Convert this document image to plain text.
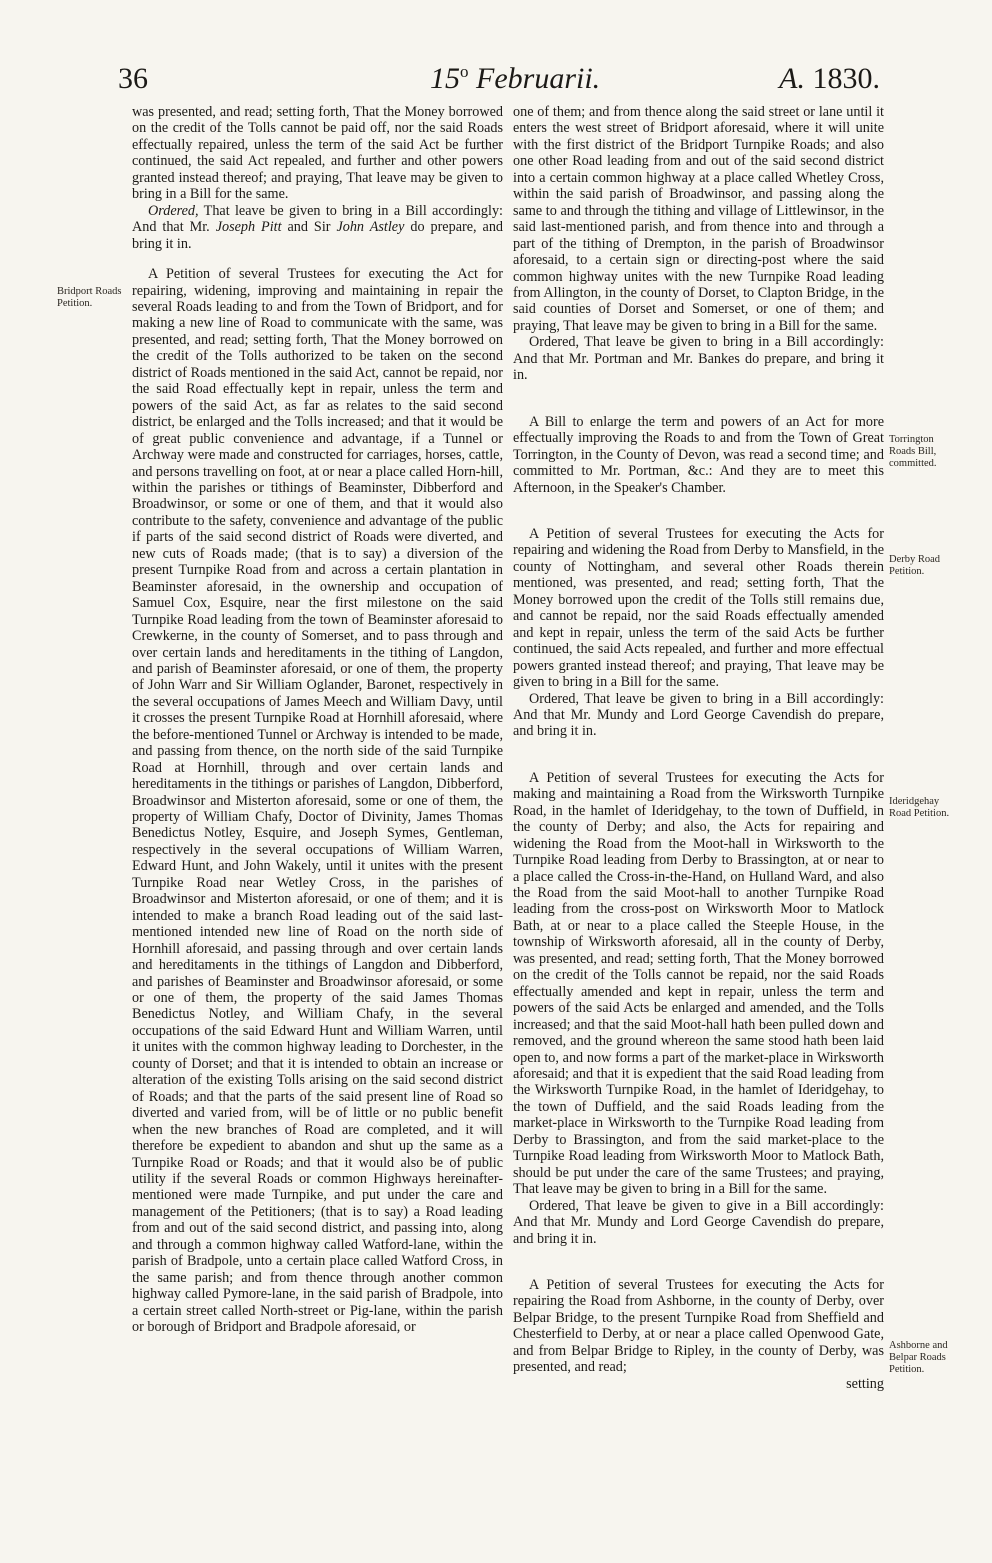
36	15$^o$ Februarii.	A. 1830.
Bridport Roads Petition.
Torrington Roads Bill, committed.
Derby Road Petition.
Ideridgehay Road Petition.
Ashborne and Belpar Roads Petition.

was presented, and read; setting forth, That the Money borrowed on the credit of the Tolls cannot be paid off, nor the said Roads effectually repaired, unless the term of the said Act be further continued, the said Act repealed, and further and other powers granted instead thereof; and praying, That leave may be given to bring in a Bill for the same.

Ordered, That leave be given to bring in a Bill accordingly: And that Mr. Joseph Pitt and Sir John Astley do prepare, and bring it in.

A Petition of several Trustees for executing the Act for repairing, widening, improving and maintaining in repair the several Roads leading to and from the Town of Bridport, and for making a new line of Road to communicate with the same, was presented, and read; setting forth, That the Money borrowed on the credit of the Tolls authorized to be taken on the second district of Roads mentioned in the said Act, cannot be repaid, nor the said Road effectually kept in repair, unless the term and powers of the said Act, as far as relates to the said second district, be enlarged and the Tolls increased; and that it would be of great public convenience and advantage, if a Tunnel or Archway were made and constructed for carriages, horses, cattle, and persons travelling on foot, at or near a place called Horn-hill, within the parishes or tithings of Beaminster, Dibberford and Broadwinsor, or some or one of them, and that it would also contribute to the safety, convenience and advantage of the public if parts of the said second district of Roads were diverted, and new cuts of Roads made; (that is to say) a diversion of the present Turnpike Road from and across a certain plantation in Beaminster aforesaid, in the ownership and occupation of Samuel Cox, Esquire, near the first milestone on the said Turnpike Road leading from the town of Beaminster aforesaid to Crewkerne, in the county of Somerset, and to pass through and over certain lands and hereditaments in the tithing of Langdon, and parish of Beaminster aforesaid, or one of them, the property of John Warr and Sir William Oglander, Baronet, respectively in the several occupations of James Meech and William Davy, until it crosses the present Turnpike Road at Hornhill aforesaid, where the before-mentioned Tunnel or Archway is intended to be made, and passing from thence, on the north side of the said Turnpike Road at Hornhill, through and over certain lands and hereditaments in the tithings or parishes of Langdon, Dibberford, Broadwinsor and Misterton aforesaid, some or one of them, the property of William Chafy, Doctor of Divinity, James Thomas Benedictus Notley, Esquire, and Joseph Symes, Gentleman, respectively in the several occupations of William Warren, Edward Hunt, and John Wakely, until it unites with the present Turnpike Road near Wetley Cross, in the parishes of Broadwinsor and Misterton aforesaid, or one of them; and it is intended to make a branch Road leading out of the said last-mentioned intended new line of Road on the north side of Hornhill aforesaid, and passing through and over certain lands and hereditaments in the tithings of Langdon and Dibberford, and parishes of Beaminster and Broadwinsor aforesaid, or some or one of them, the property of the said James Thomas Benedictus Notley, and William Chafy, in the several occupations of the said Edward Hunt and William Warren, until it unites with the common highway leading to Dorchester, in the county of Dorset; and that it is intended to obtain an increase or alteration of the existing Tolls arising on the said second district of Roads; and that the parts of the said present line of Road so diverted and varied from, will be of little or no public benefit when the new branches of Road are completed, and it will therefore be expedient to abandon and shut up the same as a Turnpike Road or Roads; and that it would also be of public utility if the several Roads or common Highways hereinafter-mentioned were made Turnpike, and put under the care and management of the Petitioners; (that is to say) a Road leading from and out of the said second district, and passing into, along and through a common highway called Watford-lane, within the parish of Bradpole, unto a certain place called Watford Cross, in the same parish; and from thence through another common highway called Pymore-lane, in the said parish of Bradpole, into a certain street called North-street or Pig-lane, within the parish or borough of Bridport and Bradpole aforesaid, or

one of them; and from thence along the said street or lane until it enters the west street of Bridport aforesaid, where it will unite with the first district of the Bridport Turnpike Roads; and also one other Road leading from and out of the said second district into a certain common highway at a place called Whetley Cross, within the said parish of Broadwinsor, and passing along the same to and through the tithing and village of Littlewinsor, in the said last-mentioned parish, and from thence into and through a part of the tithing of Drempton, in the parish of Broadwinsor aforesaid, to a certain sign or directing-post where the said common highway unites with the new Turnpike Road leading from Allington, in the county of Dorset, to Clapton Bridge, in the said counties of Dorset and Somerset, or one of them; and praying, That leave may be given to bring in a Bill for the same.

Ordered, That leave be given to bring in a Bill accordingly: And that Mr. Portman and Mr. Bankes do prepare, and bring it in.

A Bill to enlarge the term and powers of an Act for more effectually improving the Roads to and from the Town of Great Torrington, in the County of Devon, was read a second time; and committed to Mr. Portman, &c.: And they are to meet this Afternoon, in the Speaker's Chamber.

A Petition of several Trustees for executing the Acts for repairing and widening the Road from Derby to Mansfield, in the county of Nottingham, and several other Roads therein mentioned, was presented, and read; setting forth, That the Money borrowed upon the credit of the Tolls still remains due, and cannot be repaid, nor the said Roads effectually amended and kept in repair, unless the term of the said Acts be further continued, the said Acts repealed, and further and more effectual powers granted instead thereof; and praying, That leave may be given to bring in a Bill for the same.

Ordered, That leave be given to bring in a Bill accordingly: And that Mr. Mundy and Lord George Cavendish do prepare, and bring it in.

A Petition of several Trustees for executing the Acts for making and maintaining a Road from the Wirksworth Turnpike Road, in the hamlet of Ideridgehay, to the town of Duffield, in the county of Derby; and also, the Acts for repairing and widening the Road from the Moot-hall in Wirksworth to the Turnpike Road leading from Derby to Brassington, at or near to a place called the Cross-in-the-Hand, on Hulland Ward, and also the Road from the said Moot-hall to another Turnpike Road leading from the cross-post on Wirksworth Moor to Matlock Bath, at or near to a place called the Steeple House, in the township of Wirksworth aforesaid, all in the county of Derby, was presented, and read; setting forth, That the Money borrowed on the credit of the Tolls cannot be repaid, nor the said Roads effectually amended and kept in repair, unless the term and powers of the said Acts be enlarged and amended, and the Tolls increased; and that the said Moot-hall hath been pulled down and removed, and the ground whereon the same stood hath been laid open to, and now forms a part of the market-place in Wirksworth aforesaid; and that it is expedient that the said Road leading from the Wirksworth Turnpike Road, in the hamlet of Ideridgehay, to the town of Duffield, and the said Roads leading from the market-place in Wirksworth to the Turnpike Road leading from Derby to Brassington, and from the said market-place to the Turnpike Road leading from Wirksworth Moor to Matlock Bath, should be put under the care of the same Trustees; and praying, That leave may be given to bring in a Bill for the same.

Ordered, That leave be given to give in a Bill accordingly: And that Mr. Mundy and Lord George Cavendish do prepare, and bring it in.

A Petition of several Trustees for executing the Acts for repairing the Road from Ashborne, in the county of Derby, over Belpar Bridge, to the present Turnpike Road from Sheffield and Chesterfield to Derby, at or near a place called Openwood Gate, and from Belpar Bridge to Ripley, in the county of Derby, was presented, and read;

setting
